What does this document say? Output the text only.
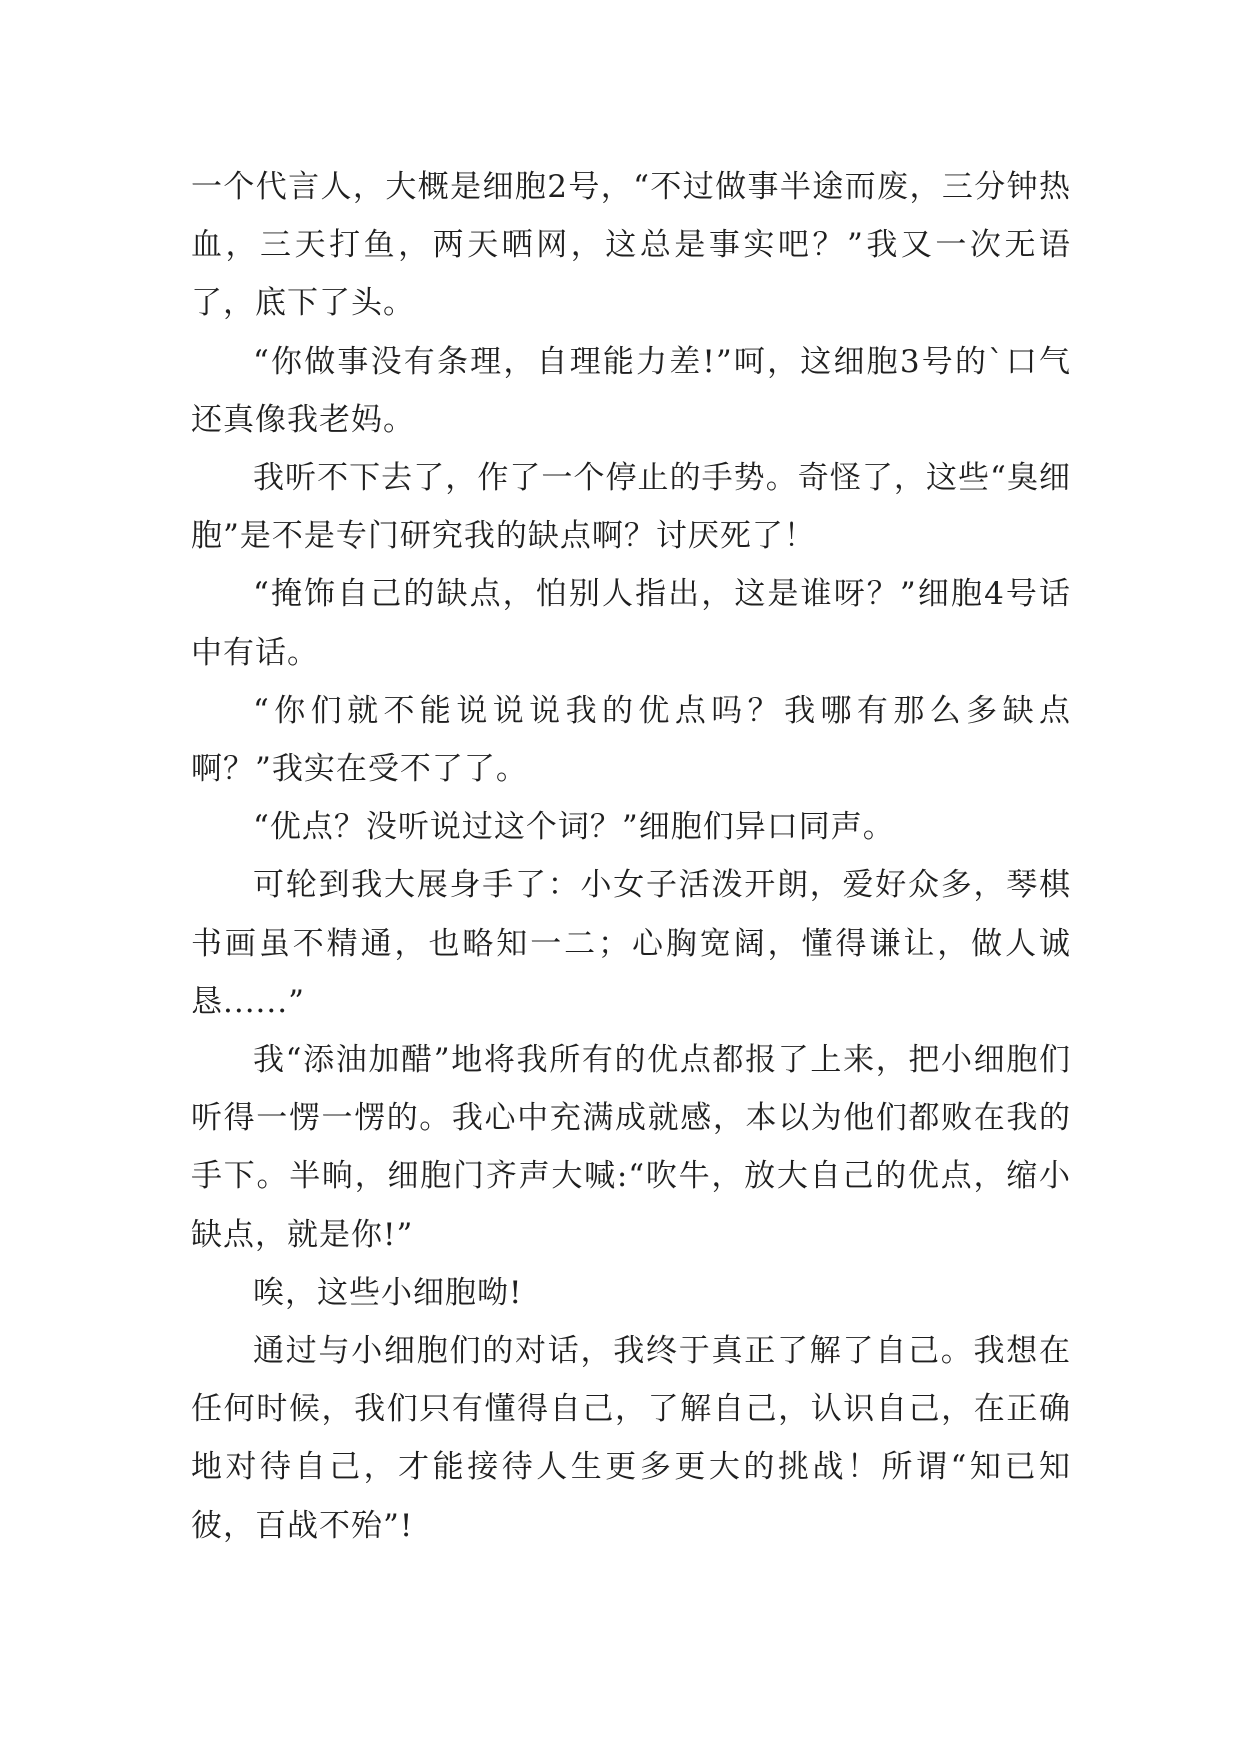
一个代言人，大概是细胞2号，“不过做事半途而废，三分钟热血，三天打鱼，两天晒网，这总是事实吧？”我又一次无语了，底下了头。

“你做事没有条理，自理能力差!”呵，这细胞3号的`口气还真像我老妈。

我听不下去了，作了一个停止的手势。奇怪了，这些“臭细胞”是不是专门研究我的缺点啊？讨厌死了！

“掩饰自己的缺点，怕别人指出，这是谁呀？”细胞4号话中有话。

“你们就不能说说说我的优点吗？我哪有那么多缺点啊？”我实在受不了了。

“优点？没听说过这个词？”细胞们异口同声。

可轮到我大展身手了：小女子活泼开朗，爱好众多，琴棋书画虽不精通，也略知一二；心胸宽阔，懂得谦让，做人诚恳......”

我“添油加醋”地将我所有的优点都报了上来，把小细胞们听得一愣一愣的。我心中充满成就感，本以为他们都败在我的手下。半晌，细胞门齐声大喊:“吹牛，放大自己的优点，缩小缺点，就是你!”

唉，这些小细胞呦!

通过与小细胞们的对话，我终于真正了解了自己。我想在任何时候，我们只有懂得自己，了解自己，认识自己，在正确地对待自己，才能接待人生更多更大的挑战！所谓“知已知彼，百战不殆”!
